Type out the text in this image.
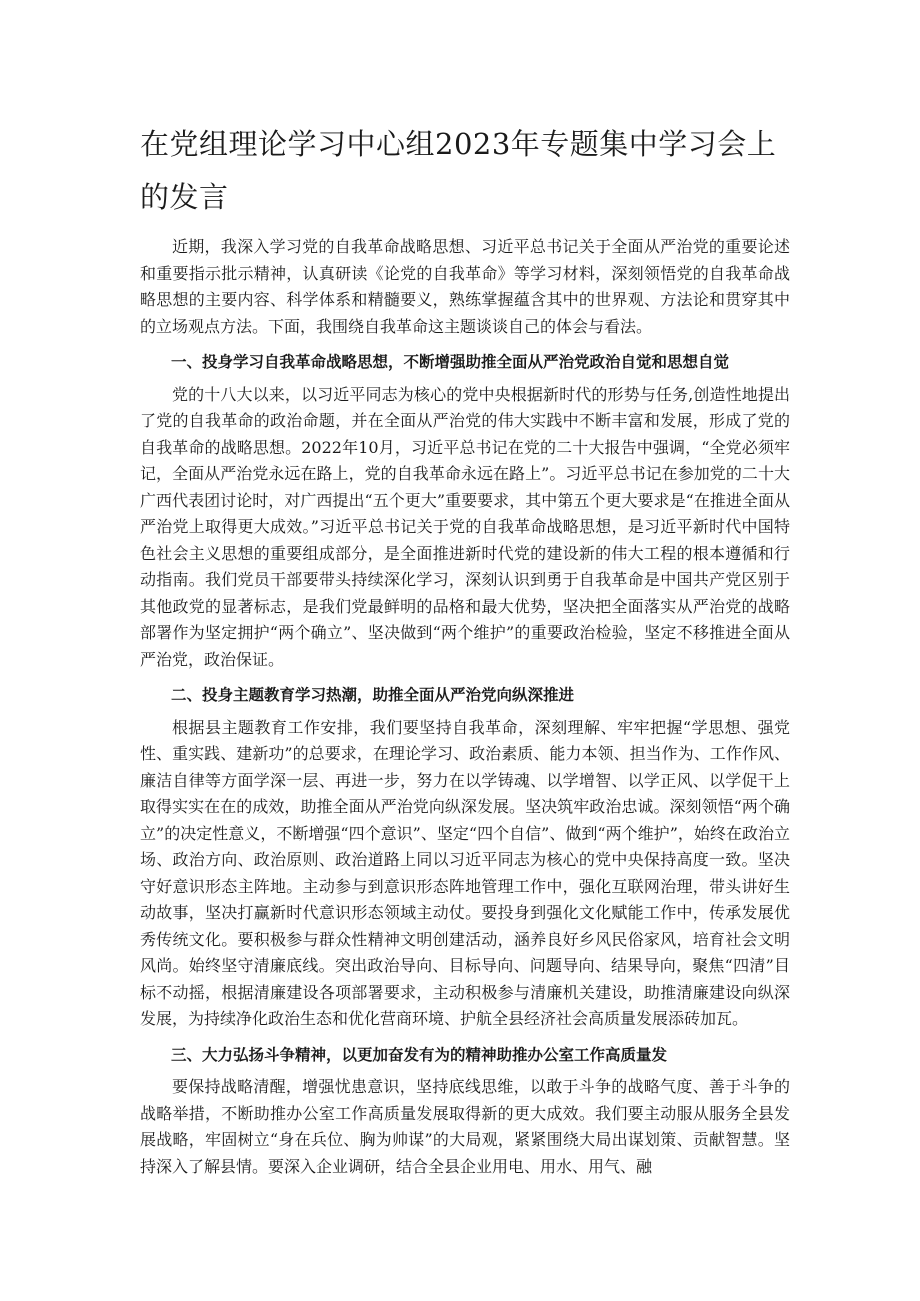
在党组理论学习中心组2023年专题集中学习会上的发言

近期，我深入学习党的自我革命战略思想、习近平总书记关于全面从严治党的重要论述和重要指示批示精神，认真研读《论党的自我革命》等学习材料，深刻领悟党的自我革命战略思想的主要内容、科学体系和精髓要义，熟练掌握蕴含其中的世界观、方法论和贯穿其中的立场观点方法。下面，我围绕自我革命这主题谈谈自己的体会与看法。

一、投身学习自我革命战略思想，不断增强助推全面从严治党政治自觉和思想自觉

党的十八大以来，以习近平同志为核心的党中央根据新时代的形势与任务,创造性地提出了党的自我革命的政治命题，并在全面从严治党的伟大实践中不断丰富和发展，形成了党的自我革命的战略思想。2022年10月，习近平总书记在党的二十大报告中强调，“全党必须牢记，全面从严治党永远在路上，党的自我革命永远在路上”。习近平总书记在参加党的二十大广西代表团讨论时，对广西提出“五个更大”重要要求，其中第五个更大要求是“在推进全面从严治党上取得更大成效。”习近平总书记关于党的自我革命战略思想，是习近平新时代中国特色社会主义思想的重要组成部分，是全面推进新时代党的建设新的伟大工程的根本遵循和行动指南。我们党员干部要带头持续深化学习，深刻认识到勇于自我革命是中国共产党区别于其他政党的显著标志，是我们党最鲜明的品格和最大优势，坚决把全面落实从严治党的战略部署作为坚定拥护“两个确立”、坚决做到“两个维护”的重要政治检验，坚定不移推进全面从严治党，政治保证。

二、投身主题教育学习热潮，助推全面从严治党向纵深推进

根据县主题教育工作安排，我们要坚持自我革命，深刻理解、牢牢把握“学思想、强党性、重实践、建新功”的总要求，在理论学习、政治素质、能力本领、担当作为、工作作风、廉洁自律等方面学深一层、再进一步，努力在以学铸魂、以学增智、以学正风、以学促干上取得实实在在的成效，助推全面从严治党向纵深发展。坚决筑牢政治忠诚。深刻领悟“两个确立”的决定性意义，不断增强“四个意识”、坚定“四个自信”、做到“两个维护”，始终在政治立场、政治方向、政治原则、政治道路上同以习近平同志为核心的党中央保持高度一致。坚决守好意识形态主阵地。主动参与到意识形态阵地管理工作中，强化互联网治理，带头讲好生动故事，坚决打赢新时代意识形态领域主动仗。要投身到强化文化赋能工作中，传承发展优秀传统文化。要积极参与群众性精神文明创建活动，涵养良好乡风民俗家风，培育社会文明风尚。始终坚守清廉底线。突出政治导向、目标导向、问题导向、结果导向，聚焦“四清”目标不动摇，根据清廉建设各项部署要求，主动积极参与清廉机关建设，助推清廉建设向纵深发展，为持续净化政治生态和优化营商环境、护航全县经济社会高质量发展添砖加瓦。

三、大力弘扬斗争精神，以更加奋发有为的精神助推办公室工作高质量发

要保持战略清醒，增强忧患意识，坚持底线思维，以敢于斗争的战略气度、善于斗争的战略举措，不断助推办公室工作高质量发展取得新的更大成效。我们要主动服从服务全县发展战略，牢固树立“身在兵位、胸为帅谋”的大局观，紧紧围绕大局出谋划策、贡献智慧。坚持深入了解县情。要深入企业调研，结合全县企业用电、用水、用气、融
